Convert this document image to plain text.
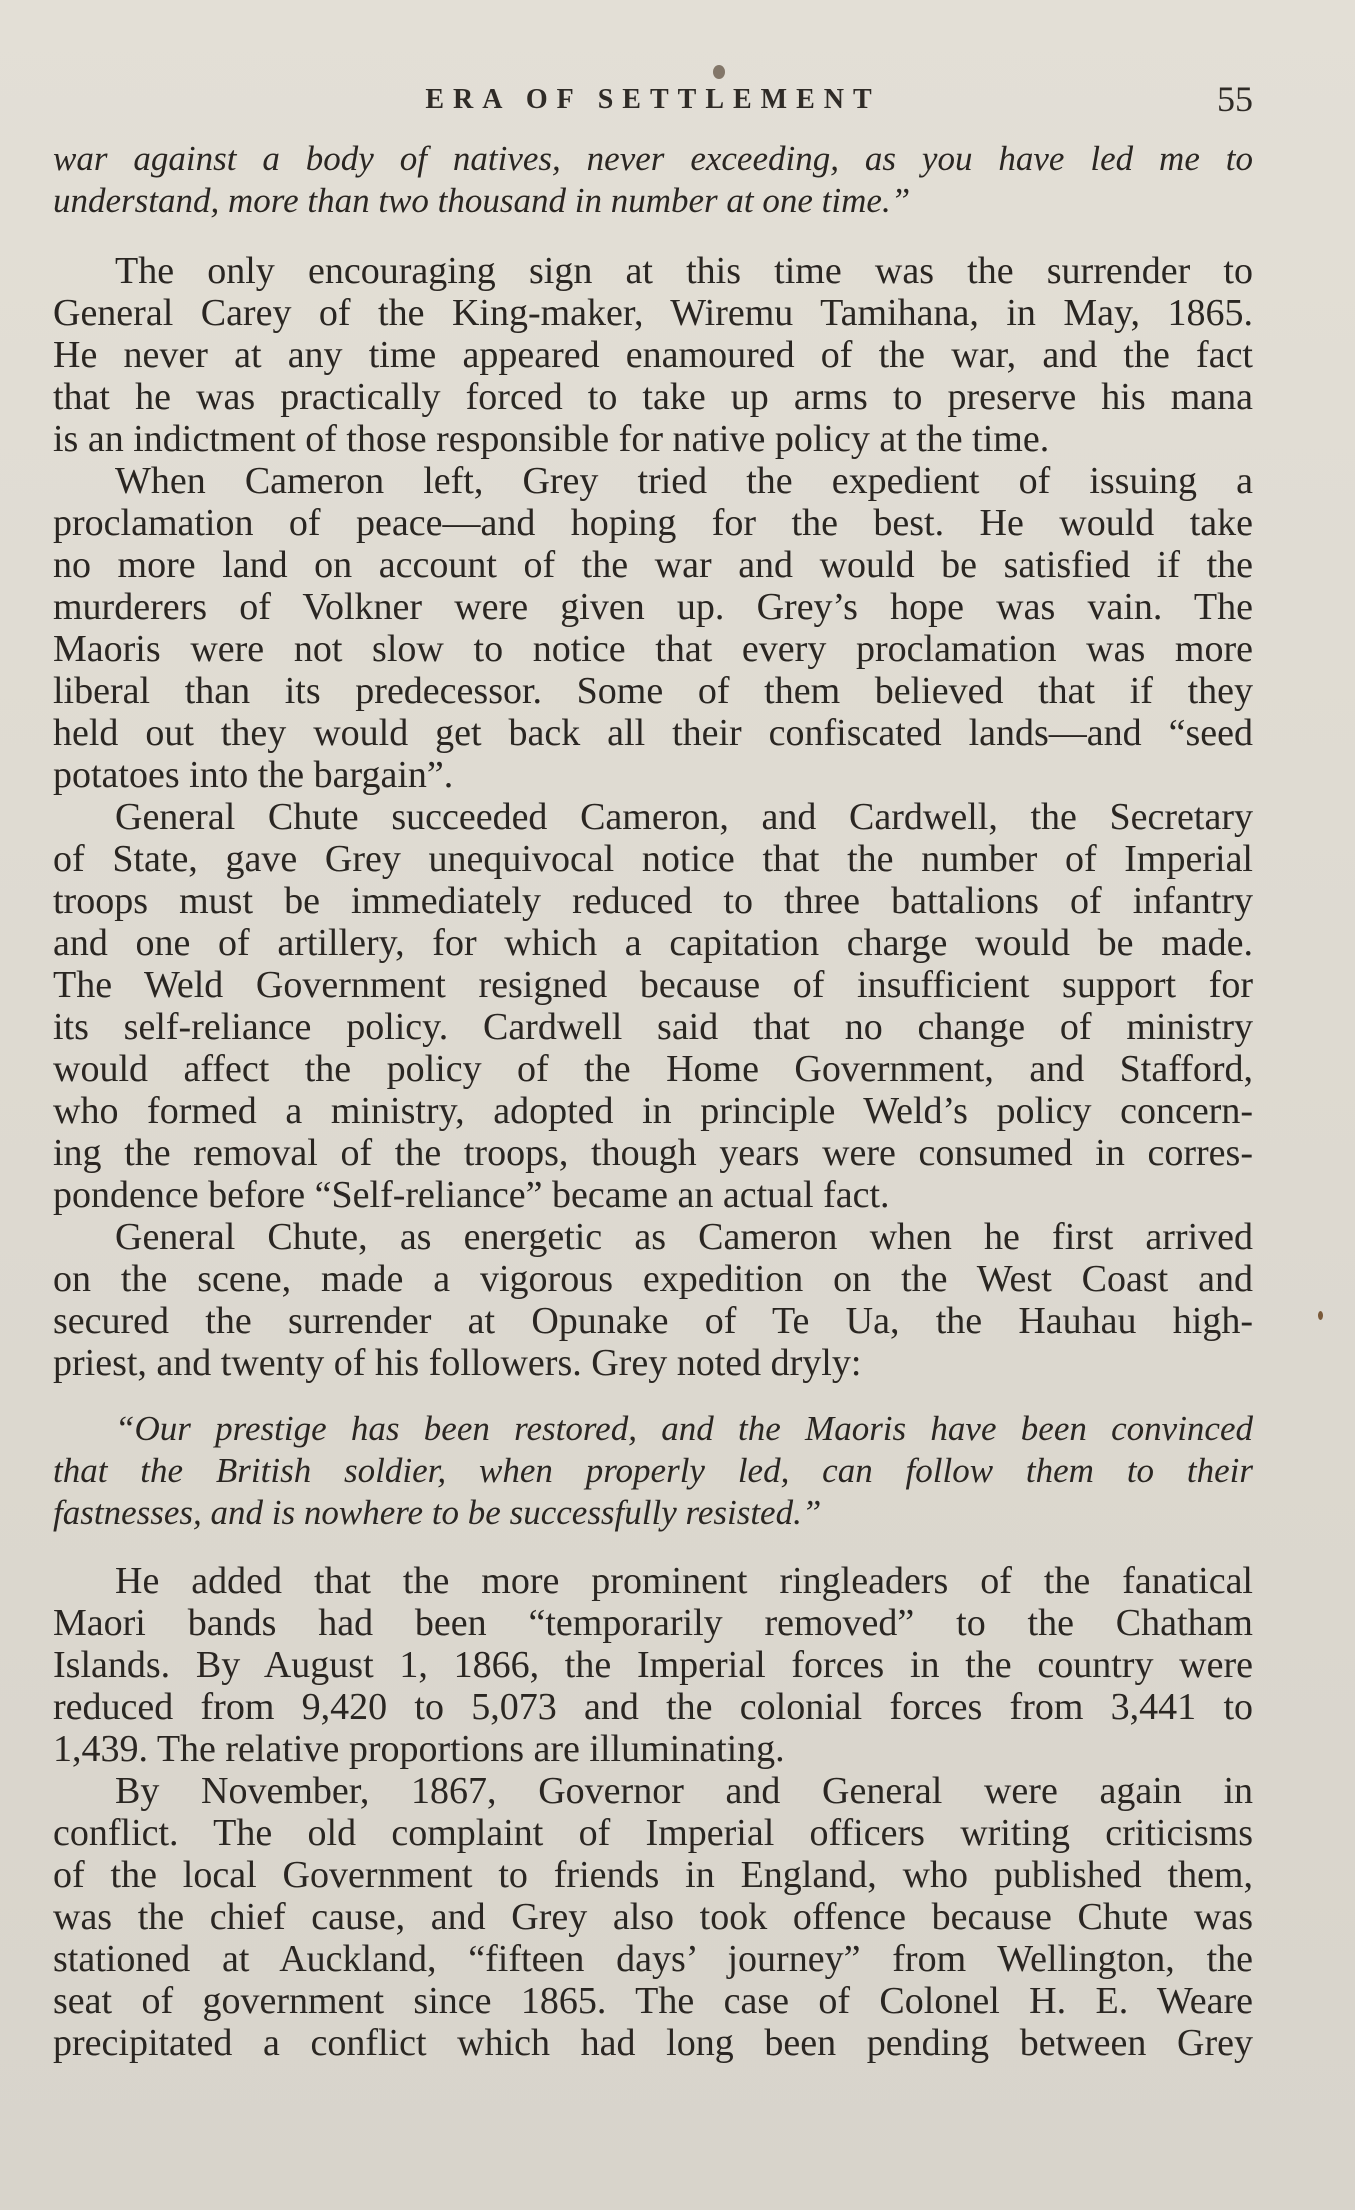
ERA OF SETTLEMENT	55
war against a body of natives, never exceeding, as you have led me to
understand, more than two thousand in number at one time.”
The only encouraging sign at this time was the surrender to
General Carey of the King-maker, Wiremu Tamihana, in May, 1865.
He never at any time appeared enamoured of the war, and the fact
that he was practically forced to take up arms to preserve his mana
is an indictment of those responsible for native policy at the time.
When Cameron left, Grey tried the expedient of issuing a
proclamation of peace—and hoping for the best. He would take
no more land on account of the war and would be satisfied if the
murderers of Volkner were given up. Grey’s hope was vain. The
Maoris were not slow to notice that every proclamation was more
liberal than its predecessor. Some of them believed that if they
held out they would get back all their confiscated lands—and “seed
potatoes into the bargain”.
General Chute succeeded Cameron, and Cardwell, the Secretary
of State, gave Grey unequivocal notice that the number of Imperial
troops must be immediately reduced to three battalions of infantry
and one of artillery, for which a capitation charge would be made.
The Weld Government resigned because of insufficient support for
its self-reliance policy. Cardwell said that no change of ministry
would affect the policy of the Home Government, and Stafford,
who formed a ministry, adopted in principle Weld’s policy concern-
ing the removal of the troops, though years were consumed in corres-
pondence before “Self-reliance” became an actual fact.
General Chute, as energetic as Cameron when he first arrived
on the scene, made a vigorous expedition on the West Coast and
secured the surrender at Opunake of Te Ua, the Hauhau high-
priest, and twenty of his followers. Grey noted dryly:
“Our prestige has been restored, and the Maoris have been convinced
that the British soldier, when properly led, can follow them to their
fastnesses, and is nowhere to be successfully resisted.”
He added that the more prominent ringleaders of the fanatical
Maori bands had been “temporarily removed” to the Chatham
Islands. By August 1, 1866, the Imperial forces in the country were
reduced from 9,420 to 5,073 and the colonial forces from 3,441 to
1,439. The relative proportions are illuminating.
By November, 1867, Governor and General were again in
conflict. The old complaint of Imperial officers writing criticisms
of the local Government to friends in England, who published them,
was the chief cause, and Grey also took offence because Chute was
stationed at Auckland, “fifteen days’ journey” from Wellington, the
seat of government since 1865. The case of Colonel H. E. Weare
precipitated a conflict which had long been pending between Grey
